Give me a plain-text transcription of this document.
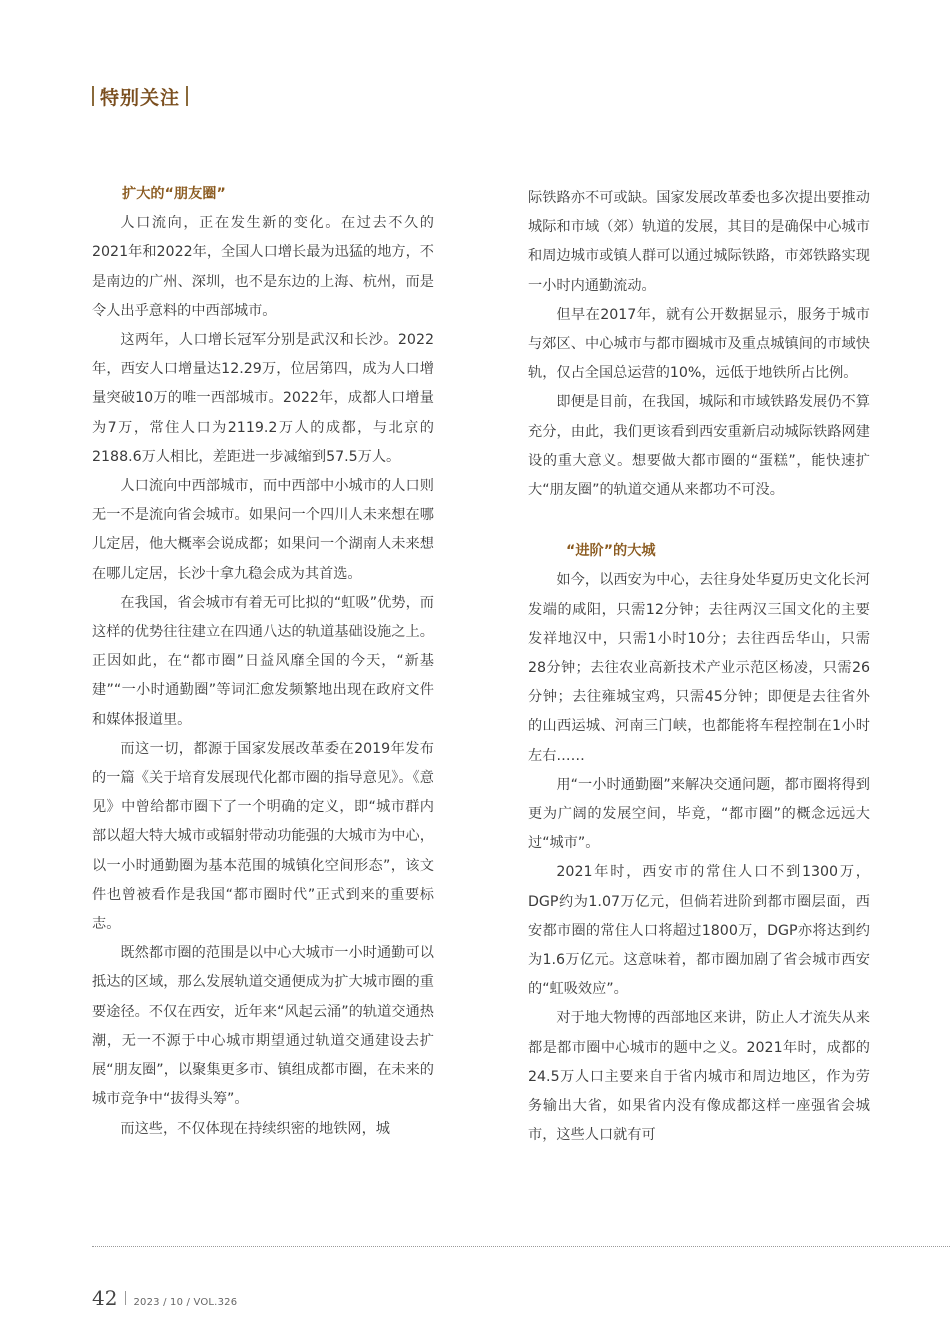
特别关注
扩大的“朋友圈”

人口流向，正在发生新的变化。在过去不久的2021年和2022年，全国人口增长最为迅猛的地方，不是南边的广州、深圳，也不是东边的上海、杭州，而是令人出乎意料的中西部城市。

这两年，人口增长冠军分别是武汉和长沙。2022年，西安人口增量达12.29万，位居第四，成为人口增量突破10万的唯一西部城市。2022年，成都人口增量为7万，常住人口为2119.2万人的成都，与北京的2188.6万人相比，差距进一步减缩到57.5万人。

人口流向中西部城市，而中西部中小城市的人口则无一不是流向省会城市。如果问一个四川人未来想在哪儿定居，他大概率会说成都；如果问一个湖南人未来想在哪儿定居，长沙十拿九稳会成为其首选。

在我国，省会城市有着无可比拟的“虹吸”优势，而这样的优势往往建立在四通八达的轨道基础设施之上。正因如此，在“都市圈”日益风靡全国的今天，“新基建”“一小时通勤圈”等词汇愈发频繁地出现在政府文件和媒体报道里。

而这一切，都源于国家发展改革委在2019年发布的一篇《关于培育发展现代化都市圈的指导意见》。《意见》中曾给都市圈下了一个明确的定义，即“城市群内部以超大特大城市或辐射带动功能强的大城市为中心，以一小时通勤圈为基本范围的城镇化空间形态”，该文件也曾被看作是我国“都市圈时代”正式到来的重要标志。

既然都市圈的范围是以中心大城市一小时通勤可以抵达的区域，那么发展轨道交通便成为扩大城市圈的重要途径。不仅在西安，近年来“风起云涌”的轨道交通热潮，无一不源于中心城市期望通过轨道交通建设去扩展“朋友圈”，以聚集更多市、镇组成都市圈，在未来的城市竞争中“拔得头筹”。

而这些，不仅体现在持续织密的地铁网，城

际铁路亦不可或缺。国家发展改革委也多次提出要推动城际和市域（郊）轨道的发展，其目的是确保中心城市和周边城市或镇人群可以通过城际铁路，市郊铁路实现一小时内通勤流动。

但早在2017年，就有公开数据显示，服务于城市与郊区、中心城市与都市圈城市及重点城镇间的市域快轨，仅占全国总运营的10%，远低于地铁所占比例。

即便是目前，在我国，城际和市域铁路发展仍不算充分，由此，我们更该看到西安重新启动城际铁路网建设的重大意义。想要做大都市圈的“蛋糕”，能快速扩大“朋友圈”的轨道交通从来都功不可没。

“进阶”的大城

如今，以西安为中心，去往身处华夏历史文化长河发端的咸阳，只需12分钟；去往两汉三国文化的主要发祥地汉中，只需1小时10分；去往西岳华山，只需28分钟；去往农业高新技术产业示范区杨凌，只需26分钟；去往雍城宝鸡，只需45分钟；即便是去往省外的山西运城、河南三门峡，也都能将车程控制在1小时左右……

用“一小时通勤圈”来解决交通问题，都市圈将得到更为广阔的发展空间，毕竟，“都市圈”的概念远远大过“城市”。

2021年时，西安市的常住人口不到1300万，DGP约为1.07万亿元，但倘若进阶到都市圈层面，西安都市圈的常住人口将超过1800万，DGP亦将达到约为1.6万亿元。这意味着，都市圈加剧了省会城市西安的“虹吸效应”。

对于地大物博的西部地区来讲，防止人才流失从来都是都市圈中心城市的题中之义。2021年时，成都的24.5万人口主要来自于省内城市和周边地区，作为劳务输出大省，如果省内没有像成都这样一座强省会城市，这些人口就有可

42 2023 / 10 / VOL.326
